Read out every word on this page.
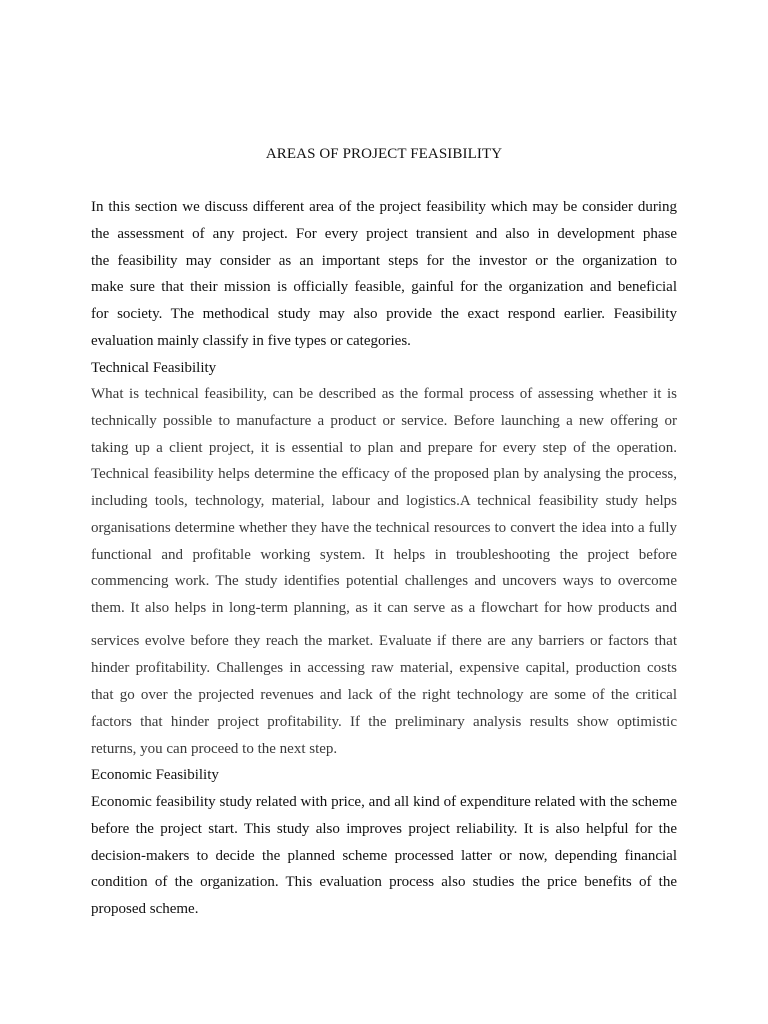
AREAS OF PROJECT FEASIBILITY
In this section we discuss different area of the project feasibility which may be consider during
the assessment of any project. For every project transient and also in development phase
the feasibility may consider as an important steps for the investor or the organization to
make sure that their mission is officially feasible, gainful for the organization and beneficial
for society. The methodical study may also provide the exact respond earlier. Feasibility
evaluation mainly classify in five types or categories.
Technical Feasibility
What is technical feasibility, can be described as the formal process of assessing whether it is
technically possible to manufacture a product or service. Before launching a new offering or
taking up a client project, it is essential to plan and prepare for every step of the operation.
Technical feasibility helps determine the efficacy of the proposed plan by analysing the process,
including tools, technology, material, labour and logistics.A technical feasibility study helps
organisations determine whether they have the technical resources to convert the idea into a fully
functional and profitable working system. It helps in troubleshooting the project before
commencing work. The study identifies potential challenges and uncovers ways to overcome
them. It also helps in long-term planning, as it can serve as a flowchart for how products and
services evolve before they reach the market. Evaluate if there are any barriers or factors that
hinder profitability. Challenges in accessing raw material, expensive capital, production costs
that go over the projected revenues and lack of the right technology are some of the critical
factors that hinder project profitability. If the preliminary analysis results show optimistic
returns, you can proceed to the next step.
Economic Feasibility
Economic feasibility study related with price, and all kind of expenditure related with the scheme
before the project start. This study also improves project reliability. It is also helpful for the
decision-makers to decide the planned scheme processed latter or now, depending financial
condition of the organization. This evaluation process also studies the price benefits of the
proposed scheme.
